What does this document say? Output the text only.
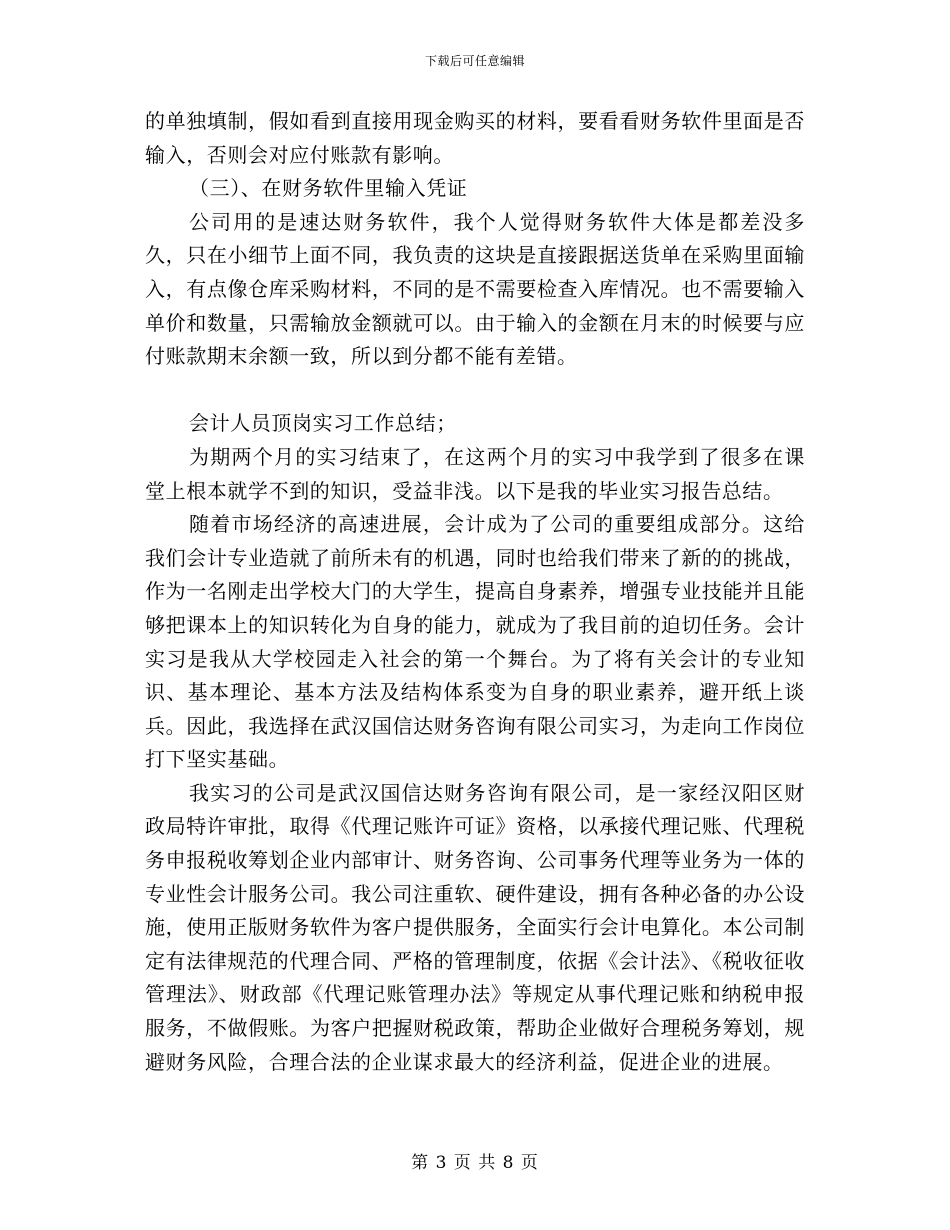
下载后可任意编辑

的单独填制，假如看到直接用现金购买的材料，要看看财务软件里面是否输入，否则会对应付账款有影响。

（三）、在财务软件里输入凭证

公司用的是速达财务软件，我个人觉得财务软件大体是都差没多久，只在小细节上面不同，我负责的这块是直接跟据送货单在采购里面输入，有点像仓库采购材料，不同的是不需要检查入库情况。也不需要输入单价和数量，只需输放金额就可以。由于输入的金额在月末的时候要与应付账款期末余额一致，所以到分都不能有差错。

会计人员顶岗实习工作总结；

为期两个月的实习结束了，在这两个月的实习中我学到了很多在课堂上根本就学不到的知识，受益非浅。以下是我的毕业实习报告总结。

随着市场经济的高速进展，会计成为了公司的重要组成部分。这给我们会计专业造就了前所未有的机遇，同时也给我们带来了新的的挑战，作为一名刚走出学校大门的大学生，提高自身素养，增强专业技能并且能够把课本上的知识转化为自身的能力，就成为了我目前的迫切任务。会计实习是我从大学校园走入社会的第一个舞台。为了将有关会计的专业知识、基本理论、基本方法及结构体系变为自身的职业素养，避开纸上谈兵。因此，我选择在武汉国信达财务咨询有限公司实习，为走向工作岗位打下坚实基础。

我实习的公司是武汉国信达财务咨询有限公司，是一家经汉阳区财政局特许审批，取得《代理记账许可证》资格，以承接代理记账、代理税务申报税收筹划企业内部审计、财务咨询、公司事务代理等业务为一体的专业性会计服务公司。我公司注重软、硬件建设，拥有各种必备的办公设施，使用正版财务软件为客户提供服务，全面实行会计电算化。本公司制定有法律规范的代理合同、严格的管理制度，依据《会计法》、《税收征收管理法》、财政部《代理记账管理办法》等规定从事代理记账和纳税申报服务，不做假账。为客户把握财税政策，帮助企业做好合理税务筹划，规避财务风险，合理合法的企业谋求最大的经济利益，促进企业的进展。

第 3 页 共 8 页
